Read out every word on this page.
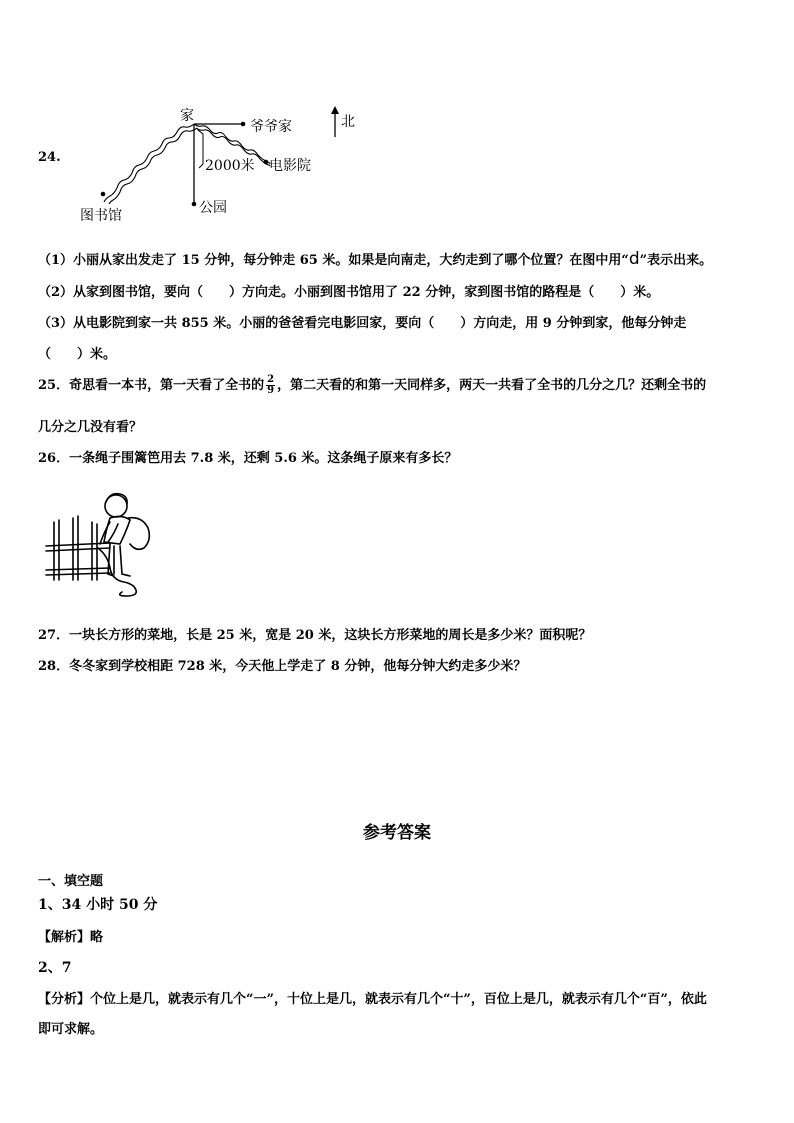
24.
家
爷爷家	北
2000米 电影院
公园
图书馆
（1）小丽从家出发走了 15 分钟，每分钟走 65 米。如果是向南走，大约走到了哪个位置？在图中用“d”表示出来。
（2）从家到图书馆，要向（　　）方向走。小丽到图书馆用了 22 分钟，家到图书馆的路程是（　　）米。
（3）从电影院到家一共 855 米。小丽的爸爸看完电影回家，要向（　　）方向走，用 9 分钟到家，他每分钟走
（　　）米。
25．奇思看一本书，第一天看了全书的 $\frac{2}{9}$ ，第二天看的和第一天同样多，两天一共看了全书的几分之几？还剩全书的
几分之几没有看？
26．一条绳子围篱笆用去 7.8 米，还剩 5.6 米。这条绳子原来有多长？
27．一块长方形的菜地，长是 25 米，宽是 20 米，这块长方形菜地的周长是多少米？面积呢？
28．冬冬家到学校相距 728 米，今天他上学走了 8 分钟，他每分钟大约走多少米？
参考答案
一、填空题
1、34 小时 50 分
【解析】略
2、7
【分析】个位上是几，就表示有几个“一”，十位上是几，就表示有几个“十”，百位上是几，就表示有几个“百”，依此
即可求解。
